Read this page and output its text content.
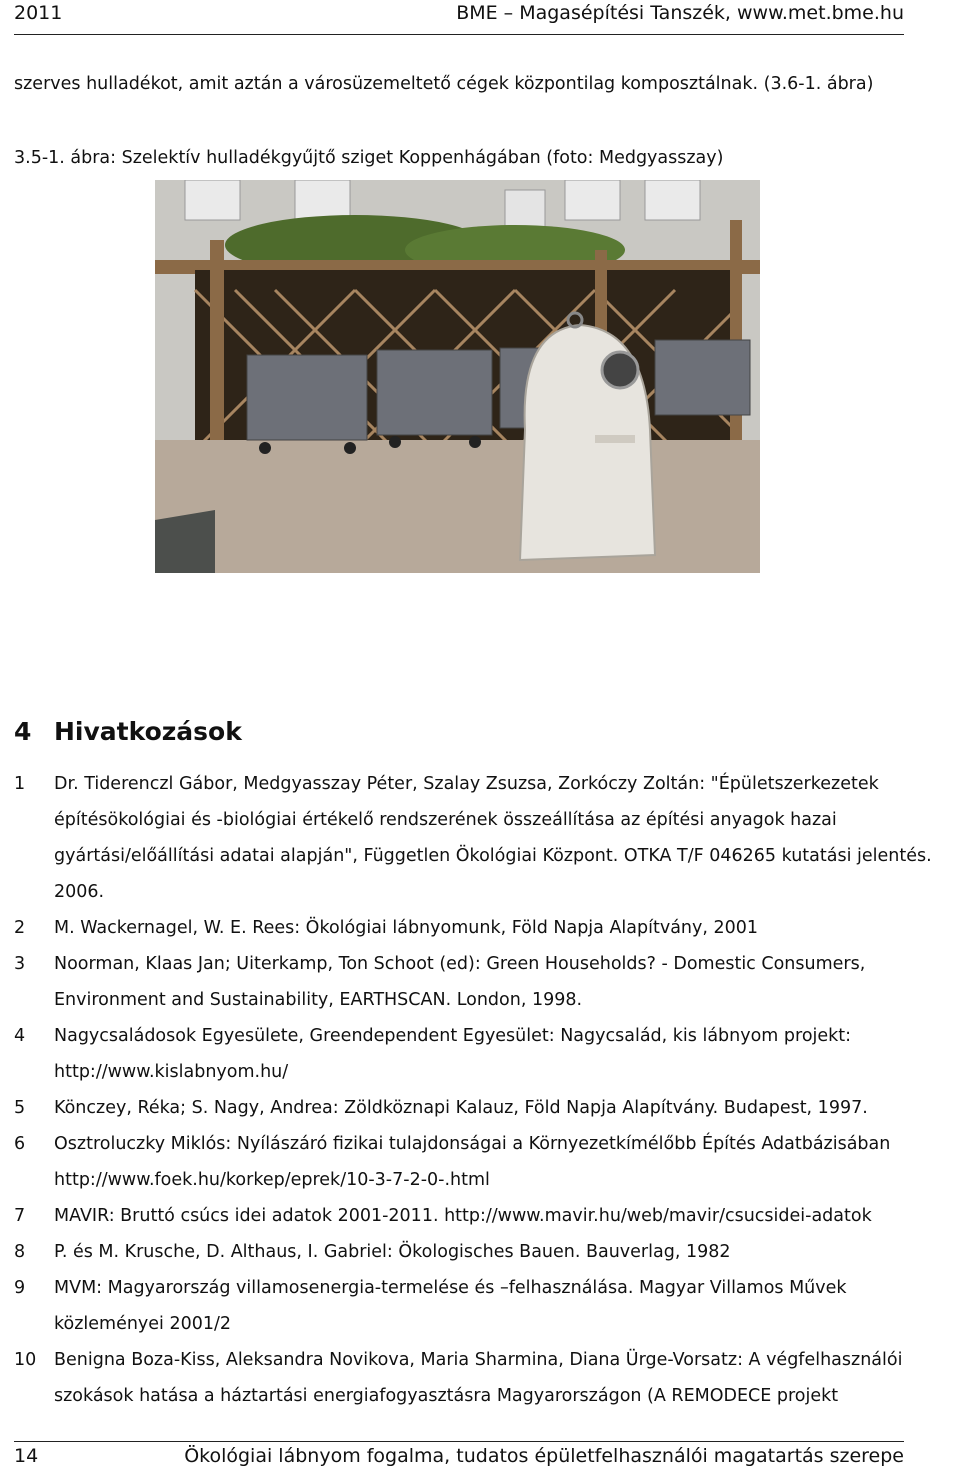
2011	BME – Magasépítési Tanszék, www.met.bme.hu
szerves hulladékot, amit aztán a városüzemeltető cégek központilag komposztálnak. (3.6-1. ábra)
3.5-1. ábra: Szelektív hulladékgyűjtő sziget Koppenhágában (foto: Medgyasszay)
4 Hivatkozások
1 Dr. Tiderenczl Gábor, Medgyasszay Péter, Szalay Zsuzsa, Zorkóczy Zoltán: "Épületszerkezetek építésökológiai és -biológiai értékelő rendszerének összeállítása az építési anyagok hazai gyártási/előállítási adatai alapján", Független Ökológiai Központ. OTKA T/F 046265 kutatási jelentés. 2006.
2 M. Wackernagel, W. E. Rees: Ökológiai lábnyomunk, Föld Napja Alapítvány, 2001
3 Noorman, Klaas Jan; Uiterkamp, Ton Schoot (ed): Green Households? - Domestic Consumers, Environment and Sustainability, EARTHSCAN. London, 1998.
4 Nagycsaládosok Egyesülete, Greendependent Egyesület: Nagycsalád, kis lábnyom projekt: http://www.kislabnyom.hu/
5 Könczey, Réka; S. Nagy, Andrea: Zöldköznapi Kalauz, Föld Napja Alapítvány. Budapest, 1997.
6 Osztroluczky Miklós: Nyílászáró fizikai tulajdonságai a Környezetkímélőbb Építés Adatbázisában http://www.foek.hu/korkep/eprek/10-3-7-2-0-.html
7 MAVIR: Bruttó csúcs idei adatok 2001-2011. http://www.mavir.hu/web/mavir/csucsidei-adatok
8 P. és M. Krusche, D. Althaus, I. Gabriel: Ökologisches Bauen. Bauverlag, 1982
9 MVM: Magyarország villamosenergia-termelése és –felhasználása. Magyar Villamos Művek közleményei 2001/2
10 Benigna Boza-Kiss, Aleksandra Novikova, Maria Sharmina, Diana Ürge-Vorsatz: A végfelhasználói szokások hatása a háztartási energiafogyasztásra Magyarországon (A REMODECE projekt
14	Ökológiai lábnyom fogalma, tudatos épületfelhasználói magatartás szerepe
